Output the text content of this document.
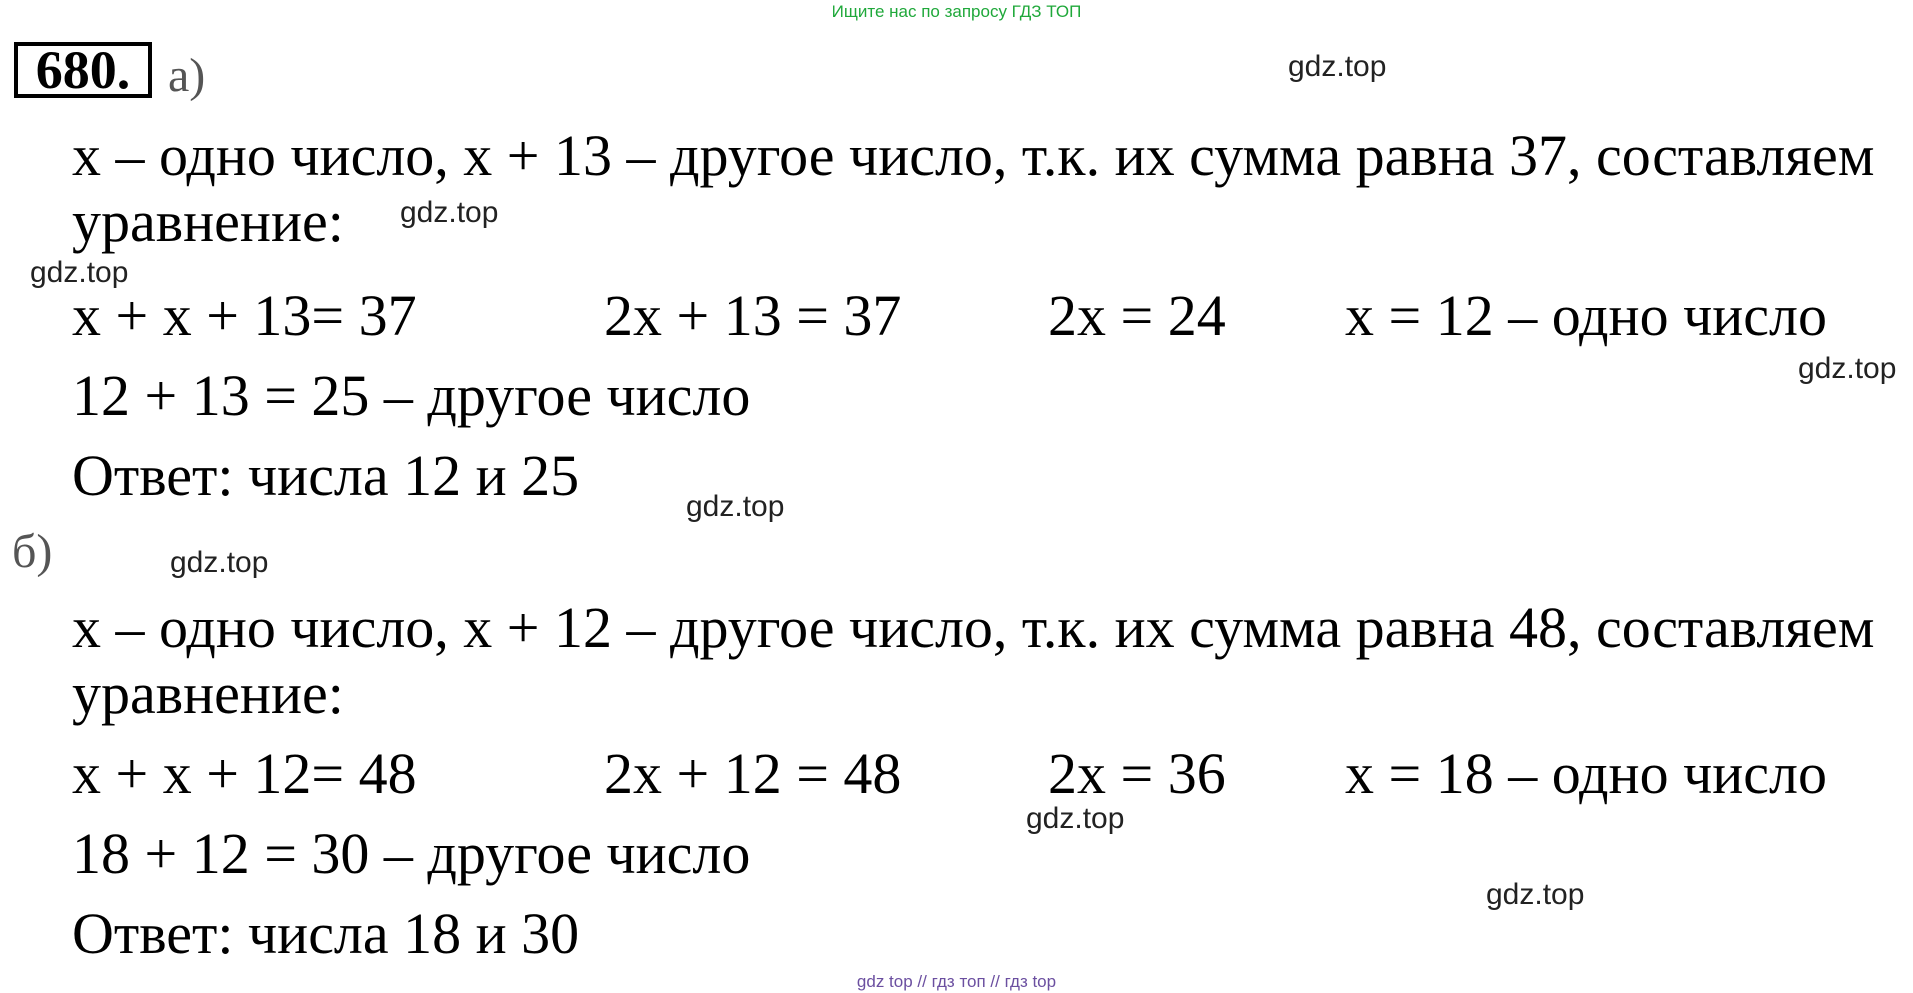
Ищите нас по запросу ГДЗ ТОП
680. а)
x – одно число, x + 13 – другое число, т.к. их сумма равна 37, составляем
уравнение:
x + x + 13= 37	2x + 13 = 37	2x = 24 x = 12 – одно число
12 + 13 = 25 – другое число
Ответ: числа 12 и 25
б)
x – одно число, x + 12 – другое число, т.к. их сумма равна 48, составляем
уравнение:
x + x + 12= 48	2x + 12 = 48	2x = 36 x = 18 – одно число
18 + 12 = 30 – другое число
Ответ: числа 18 и 30
gdz.top
gdz.top
gdz.top
gdz.top
gdz.top
gdz.top
gdz.top
gdz.top
gdz top // гдз топ // гдз top
